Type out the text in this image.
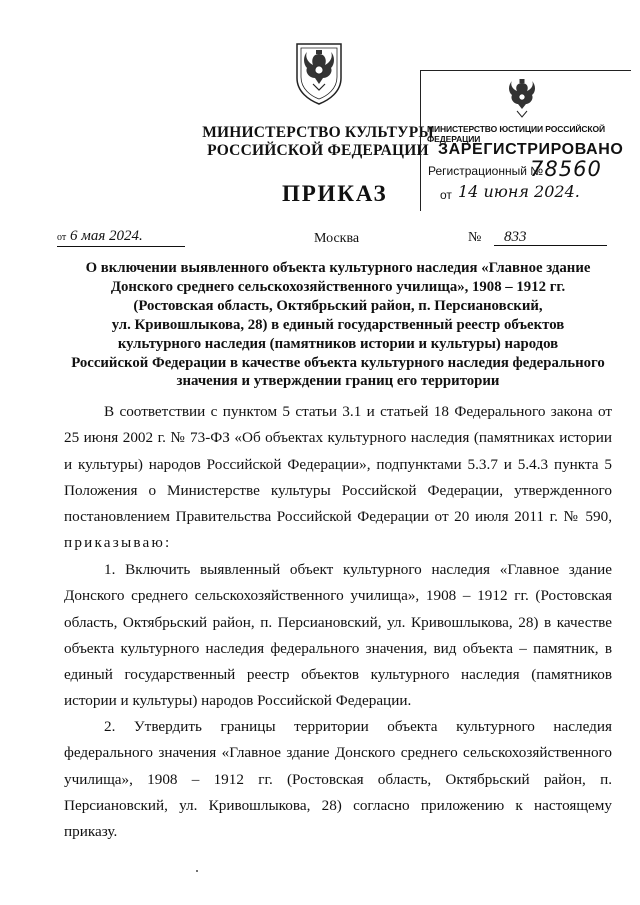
МИНИСТЕРСТВО КУЛЬТУРЫ
РОССИЙСКОЙ ФЕДЕРАЦИИ
МИНИСТЕРСТВО ЮСТИЦИИ РОССИЙСКОЙ ФЕДЕРАЦИИ
ЗАРЕГИСТРИРОВАНО
Регистрационный №
78560
от 14 июня 2024.
ПРИКАЗ
от 6 мая 2024.	Москва	№	833
О включении выявленного объекта культурного наследия «Главное здание
Донского среднего сельскохозяйственного училища», 1908 – 1912 гг.
(Ростовская область, Октябрьский район, п. Персиановский,
ул. Кривошлыкова, 28) в единый государственный реестр объектов
культурного наследия (памятников истории и культуры) народов
Российской Федерации в качестве объекта культурного наследия федерального
значения и утверждении границ его территории
В соответствии с пунктом 5 статьи 3.1 и статьей 18 Федерального закона от 25 июня 2002 г. № 73-ФЗ «Об объектах культурного наследия (памятниках истории и культуры) народов Российской Федерации», подпунктами 5.3.7 и 5.4.3 пункта 5 Положения о Министерстве культуры Российской Федерации, утвержденного постановлением Правительства Российской Федерации от 20 июля 2011 г. № 590, приказываю:
1. Включить выявленный объект культурного наследия «Главное здание Донского среднего сельскохозяйственного училища», 1908 – 1912 гг. (Ростовская область, Октябрьский район, п. Персиановский, ул. Кривошлыкова, 28) в качестве объекта культурного наследия федерального значения, вид объекта – памятник, в единый государственный реестр объектов культурного наследия (памятников истории и культуры) народов Российской Федерации.
2. Утвердить границы территории объекта культурного наследия федерального значения «Главное здание Донского среднего сельскохозяйственного училища», 1908 – 1912 гг. (Ростовская область, Октябрьский район, п. Персиановский, ул. Кривошлыкова, 28) согласно приложению к настоящему приказу.
